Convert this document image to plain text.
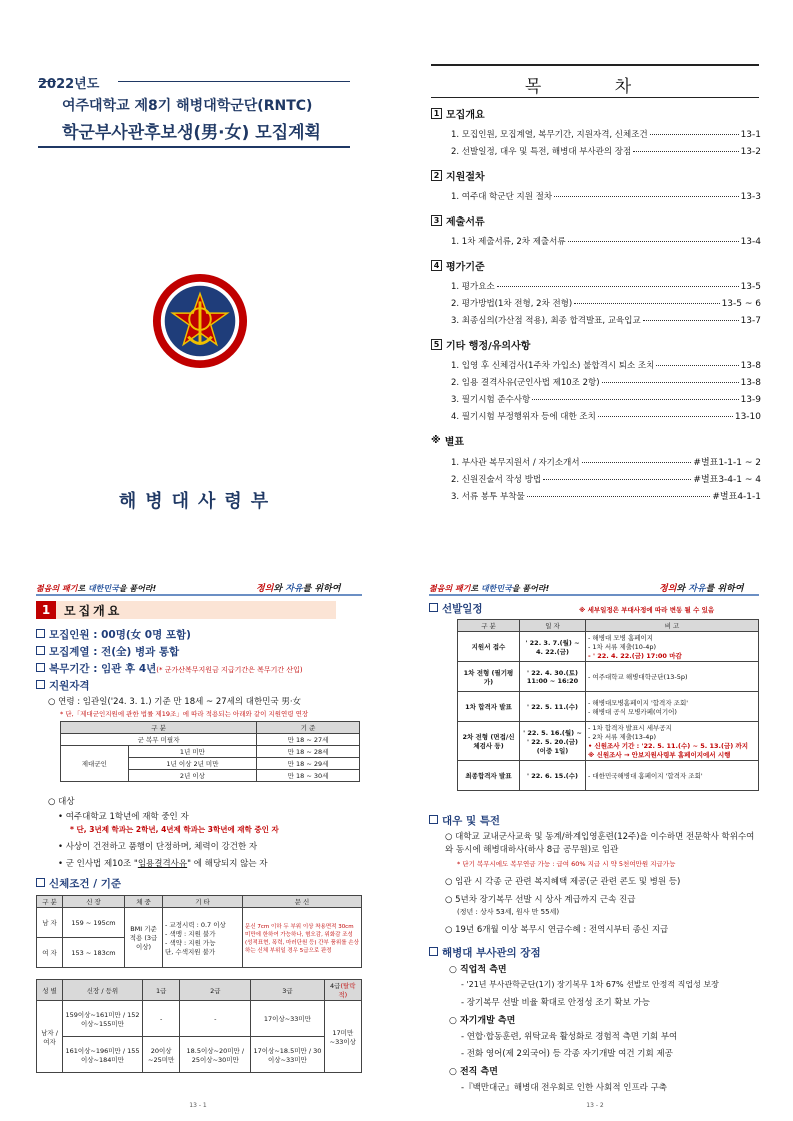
2022년도
여주대학교 제8기 해병대학군단(RNTC)
학군부사관후보생(男·女) 모집계획
해병대사령부
목 차
1 모집개요
1. 모집인원, 모집계열, 복무기간, 지원자격, 신체조건	13-1
2. 선발일정, 대우 및 특전, 해병대 부사관의 장점	13-2
2 지원절차
1. 여주대 학군단 지원 절차	13-3
3 제출서류
1. 1차 제출서류, 2차 제출서류	13-4
4 평가기준
1. 평가요소	13-5
2. 평가방법(1차 전형, 2차 전형)	13-5 ~ 6
3. 최종심의(가산점 적용), 최종 합격발표, 교육입교	13-7
5 기타 행정/유의사항
1. 입영 후 신체검사(1주차 가입소) 불합격시 퇴소 조치	13-8
2. 임용 결격사유(군인사법 제10조 2항)	13-8
3. 필기시험 준수사항	13-9
4. 필기시험 부정행위자 등에 대한 조치	13-10
※ 별표
1. 부사관 복무지원서 / 자기소개서	#별표1-1-1 ~ 2
2. 신원진술서 작성 방법	#별표3-4-1 ~ 4
3. 서류 봉투 부착물	#별표4-1-1
젊음의 패기로 대한민국을 품어라!	정의와 자유를 위하여
1	모집개요
모집인원 : 00명(女 0명 포함)
모집계열 : 전(全) 병과 통합
복무기간 : 임관 후 4년(* 군가산복무지원금 지급기간은 복무기간 산입)
지원자격
○ 연령 : 임관일('24. 3. 1.) 기준 만 18세 ~ 27세의 대한민국 男·女
* 단,「제대군인지원에 관한 법률 제19조」에 따라 적용되는 아래와 같이 지원연령 연장
구 분		기 준
군 복무 미필자		만 18 ~ 27세
제대군인	1년 미만	만 18 ~ 28세
	1년 이상 2년 미만	만 18 ~ 29세
	2년 이상	만 18 ~ 30세
○ 대상
• 여주대학교 1학년에 재학 중인 자
* 단, 3년제 학과는 2학년, 4년제 학과는 3학년에 재학 중인 자
• 사상이 건전하고 품행이 단정하며, 체력이 강건한 자
• 군 인사법 제10조 "임용결격사유" 에 해당되지 않는 자
신체조건 / 기준
구 분	신 장	체 중	기 타	문 신
남 자	159 ~ 195cm	BMI 기준 적용 (3급 이상)	- 교정시력 : 0.7 이상
- 색맹 : 지원 불가
- 색약 : 지원 가능
단, 수색지원 불가	문신 7cm 이하 두 부위 이상 착용면적 30cm 미만에 한하여 가능하나, 혐오감, 위화감 조성 (성적표현, 폭력, 마러단원 등) 간부 품위를 손상하는 신체 부위일 경우 5급으로 판정
여 자	153 ~ 183cm			
성 별	신장 / 등위	1급	2급	3급	4급(탈락적)
남자 / 여자	159이상~161미만 / 152이상~155미만	-	-	17이상~33미만	17미만~33이상
	161이상~196미만 / 155이상~184미만	20이상~25미만	18.5이상~20미만 / 25이상~30미만	17이상~18.5미만 / 30이상~33미만	
13 - 1
젊음의 패기로 대한민국을 품어라!	정의와 자유를 위하여
선발일정	※ 세부일정은 부대사정에 따라 변동 될 수 있음
구 분	일 자	비 고
지원서 접수	' 22. 3. 7.(월) ~ 4. 22.(금)	- 해병대 모병 홈페이지
- 1차 서류 제출(10-4p)
- ' 22. 4. 22.(금) 17:00 마감

1차 전형 (필기평가)	' 22. 4. 30.(토) 11:00 ~ 16:20	- 여주대학교 해병대학군단(13-5p)

1차 합격자 발표	' 22. 5. 11.(수)	- 해병대모병홈페이지 '합격자 조회'
- 해병대 공식 모병카페(여기어)

2차 전형 (면접/신체검사 등)	' 22. 5. 16.(월) ~ ' 22. 5. 20.(금) (이중 1일)	- 1차 합격자 발표시 세부공지
- 2차 서류 제출(13-4p)
• 신원조사 기간 : '22. 5. 11.(수) ~ 5. 13.(금) 까지
※ 신원조사 → 안보지원사령부 홈페이지에서 시행

최종합격자 발표	' 22. 6. 15.(수)	- 대한민국해병대 홈페이지 '합격자 조회'
대우 및 특전
○ 대학교 교내군사교육 및 동계/하계입영훈련(12주)을 이수하면 전문학사 학위수여와 동시에 해병대하사(하사 8급 공무원)로 임관
* 단기 복무시에도 복무연금 가능 : 급여 60% 지급 시 약 5천여만원 지급가능
○ 임관 시 각종 군 관련 복지혜택 제공(군 관련 콘도 및 병원 등)
○ 5년차 장기복무 선발 시 상사 계급까지 근속 진급
(정년 : 상사 53세, 원사 만 55세)
○ 19년 6개월 이상 복무시 연금수혜 : 전역시부터 종신 지급
해병대 부사관의 장점
○ 직업적 측면
- '21년 부사관학군단(1기) 장기복무 1차 67% 선발로 안정적 직업성 보장
- 장기복무 선발 비율 확대로 안정성 조기 확보 가능
○ 자기개발 측면
- 연합·합동훈련, 위탁교육 활성화로 경험적 측면 기회 부여
- 전화 영어(제 2외국어) 등 각종 자기개발 여건 기회 제공
○ 전직 측면
-『백만대군』해병대 전우회로 인한 사회적 인프라 구축
13 - 2
